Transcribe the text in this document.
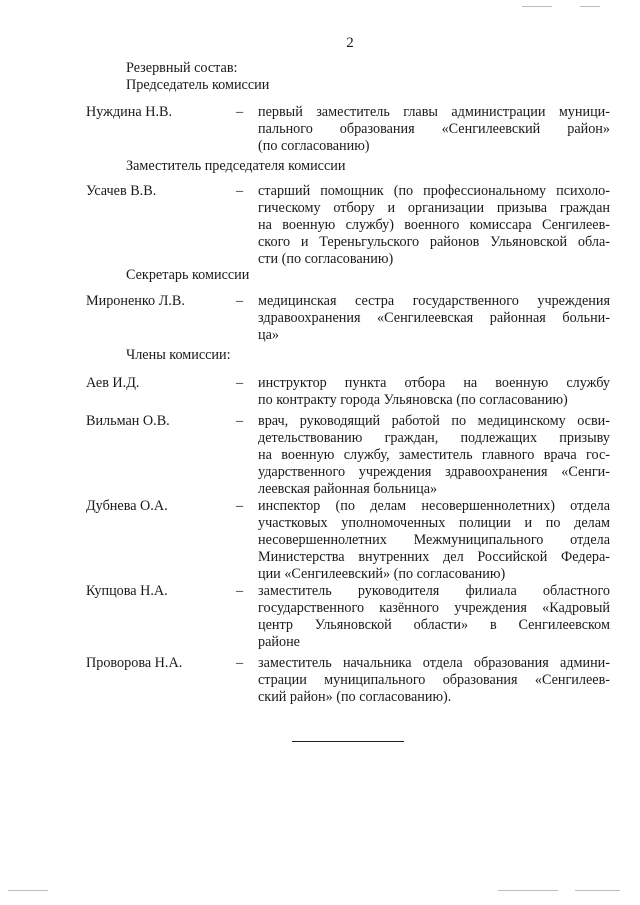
2
Резервный состав:
Председатель комиссии
Нуждина Н.В.	– первый заместитель главы администрации муници-
пального образования «Сенгилеевский район»
(по согласованию)
Заместитель председателя комиссии
Усачев В.В.	– старший помощник (по профессиональному психоло-
гическому отбору и организации призыва граждан
на военную службу) военного комиссара Сенгилеев-
ского и Тереньгульского районов Ульяновской обла-
сти (по согласованию)
Секретарь комиссии
Мироненко Л.В.	– медицинская сестра государственного учреждения
здравоохранения «Сенгилеевская районная больни-
ца»
Члены комиссии:
Аев И.Д.	– инструктор пункта отбора на военную службу
по контракту города Ульяновска (по согласованию)
Вильман О.В.	– врач, руководящий работой по медицинскому осви-
детельствованию граждан, подлежащих призыву
на военную службу, заместитель главного врача гос-
ударственного учреждения здравоохранения «Сенги-
леевская районная больница»
Дубнева О.А.	– инспектор (по делам несовершеннолетних) отдела
участковых уполномоченных полиции и по делам
несовершеннолетних Межмуниципального отдела
Министерства внутренних дел Российской Федера-
ции «Сенгилеевский» (по согласованию)
Купцова Н.А.	– заместитель руководителя филиала областного
государственного казённого учреждения «Кадровый
центр Ульяновской области» в Сенгилеевском
районе
Проворова Н.А.	– заместитель начальника отдела образования админи-
страции муниципального образования «Сенгилеев-
ский район» (по согласованию).
